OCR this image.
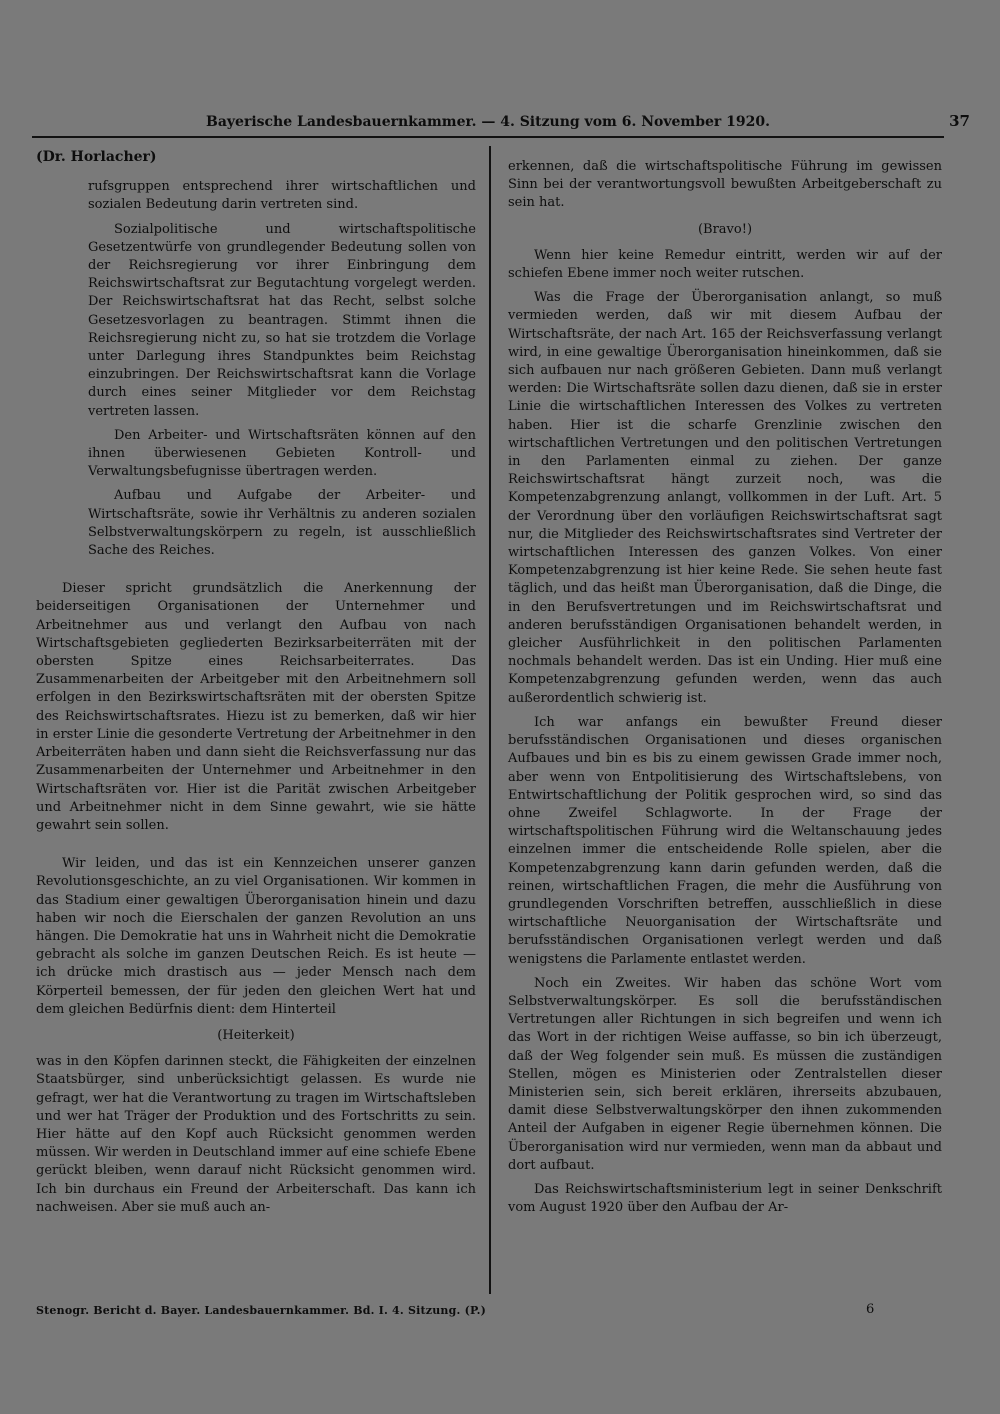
Bayerische Landesbauernkammer. — 4. Sitzung vom 6. November 1920.	37

(Dr. Horlacher)

rufsgruppen entsprechend ihrer wirtschaftlichen und sozialen Bedeutung darin vertreten sind.

Sozialpolitische und wirtschaftspolitische Gesetzentwürfe von grundlegender Bedeutung sollen von der Reichsregierung vor ihrer Einbringung dem Reichswirtschaftsrat zur Begutachtung vorgelegt werden. Der Reichswirtschaftsrat hat das Recht, selbst solche Gesetzesvorlagen zu beantragen. Stimmt ihnen die Reichsregierung nicht zu, so hat sie trotzdem die Vorlage unter Darlegung ihres Standpunktes beim Reichstag einzubringen. Der Reichswirtschaftsrat kann die Vorlage durch eines seiner Mitglieder vor dem Reichstag vertreten lassen.

Den Arbeiter- und Wirtschaftsräten können auf den ihnen überwiesenen Gebieten Kontroll- und Verwaltungsbefugnisse übertragen werden.

Aufbau und Aufgabe der Arbeiter- und Wirtschaftsräte, sowie ihr Verhältnis zu anderen sozialen Selbstverwaltungskörpern zu regeln, ist ausschließlich Sache des Reiches.

Dieser spricht grundsätzlich die Anerkennung der beiderseitigen Organisationen der Unternehmer und Arbeitnehmer aus und verlangt den Aufbau von nach Wirtschaftsgebieten gegliederten Bezirksarbeiterräten mit der obersten Spitze eines Reichsarbeiterrates. Das Zusammenarbeiten der Arbeitgeber mit den Arbeitnehmern soll erfolgen in den Bezirkswirtschaftsräten mit der obersten Spitze des Reichswirtschaftsrates. Hiezu ist zu bemerken, daß wir hier in erster Linie die gesonderte Vertretung der Arbeitnehmer in den Arbeiterräten haben und dann sieht die Reichsverfassung nur das Zusammenarbeiten der Unternehmer und Arbeitnehmer in den Wirtschaftsräten vor. Hier ist die Parität zwischen Arbeitgeber und Arbeitnehmer nicht in dem Sinne gewahrt, wie sie hätte gewahrt sein sollen.

Wir leiden, und das ist ein Kennzeichen unserer ganzen Revolutionsgeschichte, an zu viel Organisationen. Wir kommen in das Stadium einer gewaltigen Überorganisation hinein und dazu haben wir noch die Eierschalen der ganzen Revolution an uns hängen. Die Demokratie hat uns in Wahrheit nicht die Demokratie gebracht als solche im ganzen Deutschen Reich. Es ist heute — ich drücke mich drastisch aus — jeder Mensch nach dem Körperteil bemessen, der für jeden den gleichen Wert hat und dem gleichen Bedürfnis dient: dem Hinterteil

(Heiterkeit)

was in den Köpfen darinnen steckt, die Fähigkeiten der einzelnen Staatsbürger, sind unberücksichtigt gelassen. Es wurde nie gefragt, wer hat die Verantwortung zu tragen im Wirtschaftsleben und wer hat Träger der Produktion und des Fortschritts zu sein. Hier hätte auf den Kopf auch Rücksicht genommen werden müssen. Wir werden in Deutschland immer auf eine schiefe Ebene gerückt bleiben, wenn darauf nicht Rücksicht genommen wird. Ich bin durchaus ein Freund der Arbeiterschaft. Das kann ich nachweisen. Aber sie muß auch an-

erkennen, daß die wirtschaftspolitische Führung im gewissen Sinn bei der verantwortungsvoll bewußten Arbeitgeberschaft zu sein hat.

(Bravo!)

Wenn hier keine Remedur eintritt, werden wir auf der schiefen Ebene immer noch weiter rutschen.

Was die Frage der Überorganisation anlangt, so muß vermieden werden, daß wir mit diesem Aufbau der Wirtschaftsräte, der nach Art. 165 der Reichsverfassung verlangt wird, in eine gewaltige Überorganisation hineinkommen, daß sie sich aufbauen nur nach größeren Gebieten. Dann muß verlangt werden: Die Wirtschaftsräte sollen dazu dienen, daß sie in erster Linie die wirtschaftlichen Interessen des Volkes zu vertreten haben. Hier ist die scharfe Grenzlinie zwischen den wirtschaftlichen Vertretungen und den politischen Vertretungen in den Parlamenten einmal zu ziehen. Der ganze Reichswirtschaftsrat hängt zurzeit noch, was die Kompetenzabgrenzung anlangt, vollkommen in der Luft. Art. 5 der Verordnung über den vorläufigen Reichswirtschaftsrat sagt nur, die Mitglieder des Reichswirtschaftsrates sind Vertreter der wirtschaftlichen Interessen des ganzen Volkes. Von einer Kompetenzabgrenzung ist hier keine Rede. Sie sehen heute fast täglich, und das heißt man Überorganisation, daß die Dinge, die in den Berufsvertretungen und im Reichswirtschaftsrat und anderen berufsständigen Organisationen behandelt werden, in gleicher Ausführlichkeit in den politischen Parlamenten nochmals behandelt werden. Das ist ein Unding. Hier muß eine Kompetenzabgrenzung gefunden werden, wenn das auch außerordentlich schwierig ist.

Ich war anfangs ein bewußter Freund dieser berufsständischen Organisationen und dieses organischen Aufbaues und bin es bis zu einem gewissen Grade immer noch, aber wenn von Entpolitisierung des Wirtschaftslebens, von Entwirtschaftlichung der Politik gesprochen wird, so sind das ohne Zweifel Schlagworte. In der Frage der wirtschaftspolitischen Führung wird die Weltanschauung jedes einzelnen immer die entscheidende Rolle spielen, aber die Kompetenzabgrenzung kann darin gefunden werden, daß die reinen, wirtschaftlichen Fragen, die mehr die Ausführung von grundlegenden Vorschriften betreffen, ausschließlich in diese wirtschaftliche Neuorganisation der Wirtschaftsräte und berufsständischen Organisationen verlegt werden und daß wenigstens die Parlamente entlastet werden.

Noch ein Zweites. Wir haben das schöne Wort vom Selbstverwaltungskörper. Es soll die berufsständischen Vertretungen aller Richtungen in sich begreifen und wenn ich das Wort in der richtigen Weise auffasse, so bin ich überzeugt, daß der Weg folgender sein muß. Es müssen die zuständigen Stellen, mögen es Ministerien oder Zentralstellen dieser Ministerien sein, sich bereit erklären, ihrerseits abzubauen, damit diese Selbstverwaltungskörper den ihnen zukommenden Anteil der Aufgaben in eigener Regie übernehmen können. Die Überorganisation wird nur vermieden, wenn man da abbaut und dort aufbaut.

Das Reichswirtschaftsministerium legt in seiner Denkschrift vom August 1920 über den Aufbau der Ar-

Stenogr. Bericht d. Bayer. Landesbauernkammer. Bd. I. 4. Sitzung. (P.)	6
